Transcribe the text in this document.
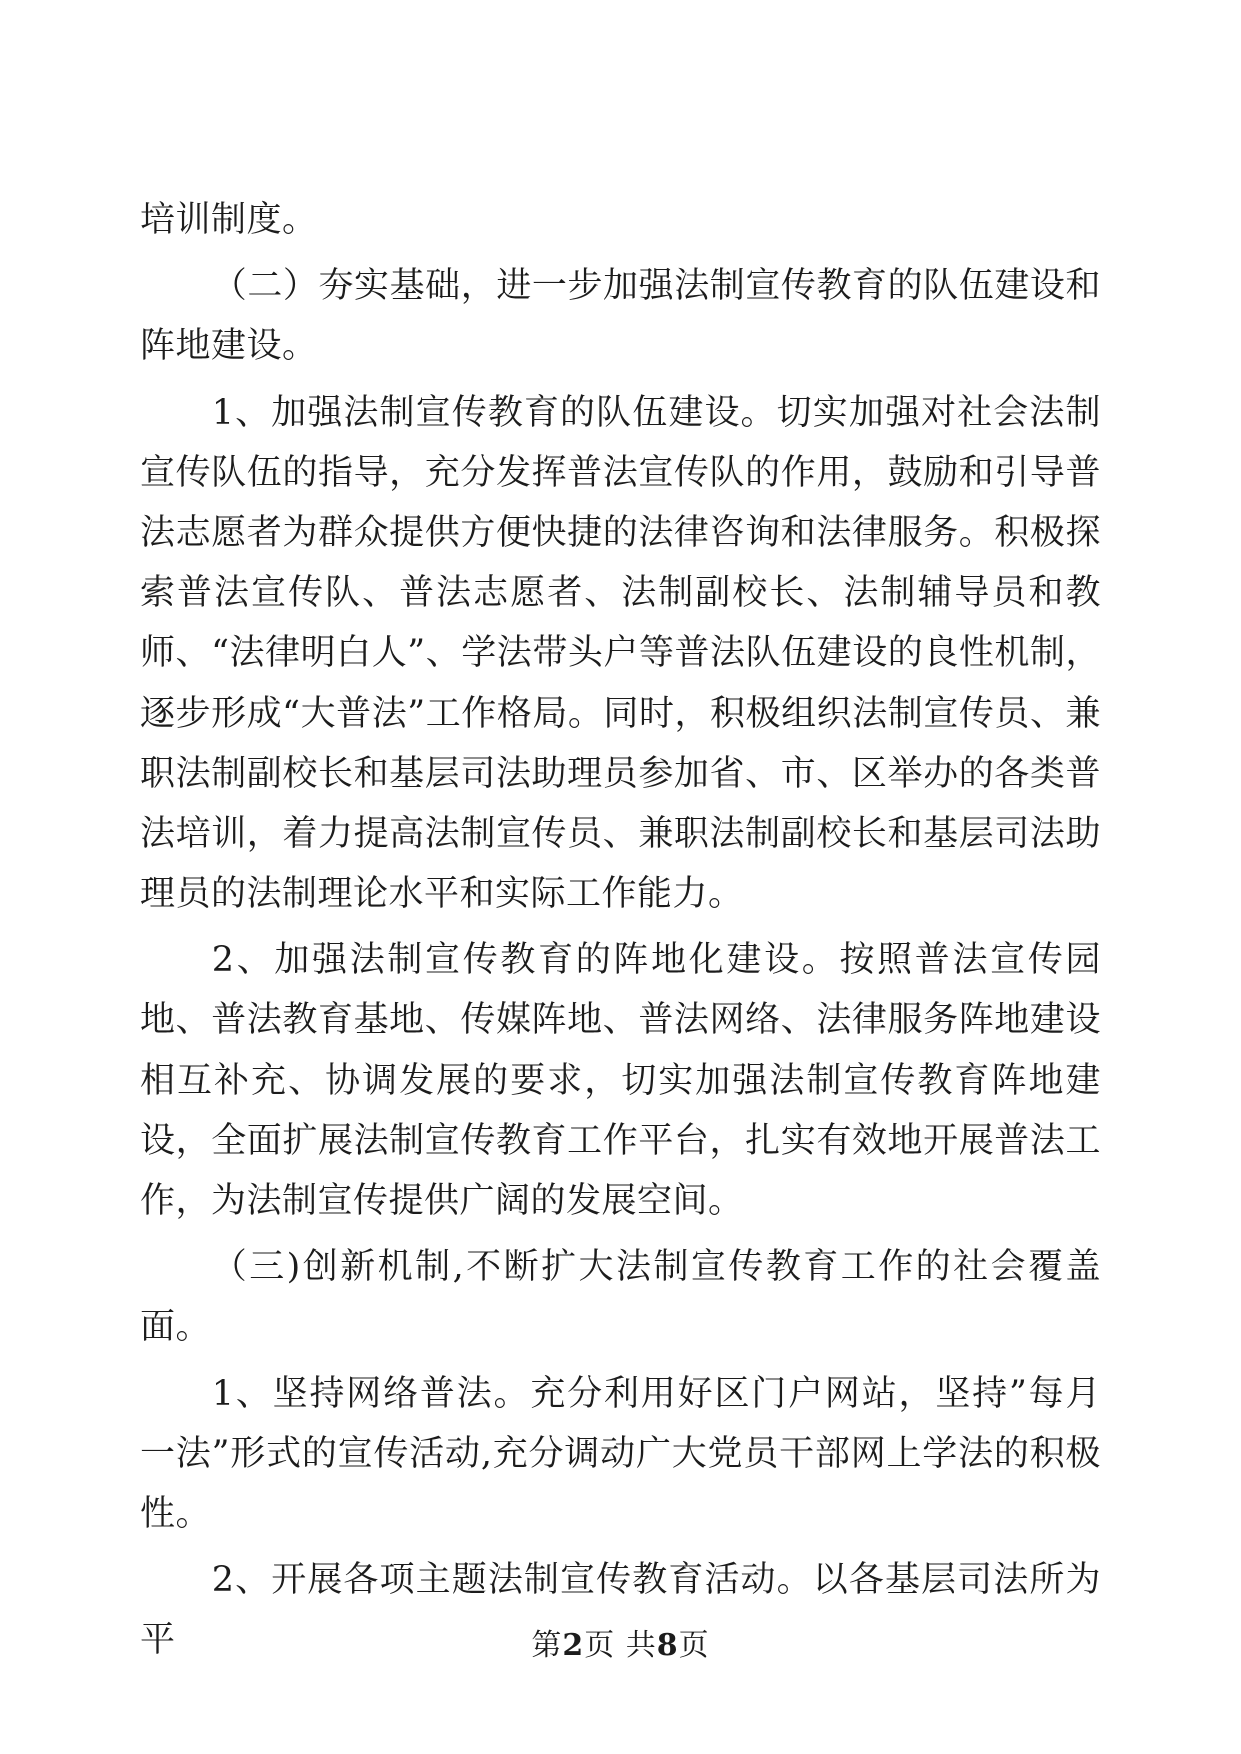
培训制度。

（二）夯实基础，进一步加强法制宣传教育的队伍建设和阵地建设。

1、加强法制宣传教育的队伍建设。切实加强对社会法制宣传队伍的指导，充分发挥普法宣传队的作用，鼓励和引导普法志愿者为群众提供方便快捷的法律咨询和法律服务。积极探索普法宣传队、普法志愿者、法制副校长、法制辅导员和教师、“法律明白人”、学法带头户等普法队伍建设的良性机制，逐步形成“大普法”工作格局。同时，积极组织法制宣传员、兼职法制副校长和基层司法助理员参加省、市、区举办的各类普法培训，着力提高法制宣传员、兼职法制副校长和基层司法助理员的法制理论水平和实际工作能力。

2、加强法制宣传教育的阵地化建设。按照普法宣传园地、普法教育基地、传媒阵地、普法网络、法律服务阵地建设相互补充、协调发展的要求，切实加强法制宣传教育阵地建设，全面扩展法制宣传教育工作平台，扎实有效地开展普法工作，为法制宣传提供广阔的发展空间。

（三)创新机制,不断扩大法制宣传教育工作的社会覆盖面。

1、坚持网络普法。充分利用好区门户网站，坚持”每月一法”形式的宣传活动,充分调动广大党员干部网上学法的积极性。

2、开展各项主题法制宣传教育活动。以各基层司法所为平	第2页 共8页
